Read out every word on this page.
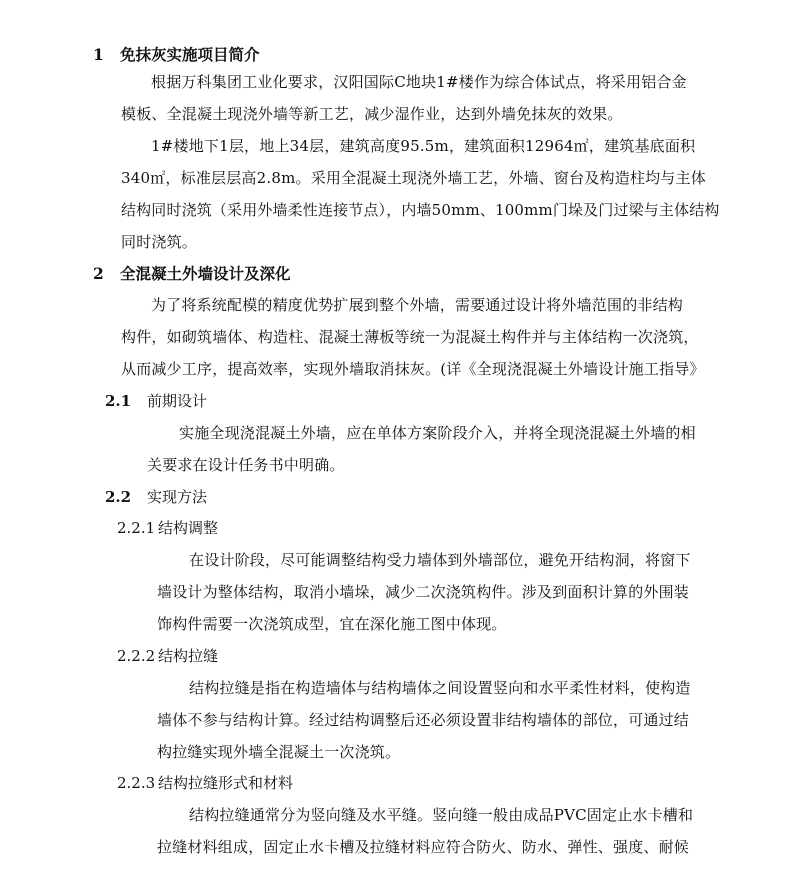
1 免抹灰实施项目简介
根据万科集团工业化要求，汉阳国际C地块1#楼作为综合体试点，将采用铝合金
模板、全混凝土现浇外墙等新工艺，减少湿作业，达到外墙免抹灰的效果。
1#楼地下1层，地上34层，建筑高度95.5m，建筑面积12964㎡，建筑基底面积
340㎡，标准层层高2.8m。采用全混凝土现浇外墙工艺，外墙、窗台及构造柱均与主体
结构同时浇筑（采用外墙柔性连接节点），内墙50mm、100mm门垛及门过梁与主体结构
同时浇筑。
2 全混凝土外墙设计及深化
为了将系统配模的精度优势扩展到整个外墙，需要通过设计将外墙范围的非结构
构件，如砌筑墙体、构造柱、混凝土薄板等统一为混凝土构件并与主体结构一次浇筑，
从而减少工序，提高效率，实现外墙取消抹灰。(详《全现浇混凝土外墙设计施工指导》
2.1 前期设计
实施全现浇混凝土外墙，应在单体方案阶段介入，并将全现浇混凝土外墙的相
关要求在设计任务书中明确。
2.2 实现方法
2.2.1 结构调整
在设计阶段，尽可能调整结构受力墙体到外墙部位，避免开结构洞，将窗下
墙设计为整体结构，取消小墙垛，减少二次浇筑构件。涉及到面积计算的外围装
饰构件需要一次浇筑成型，宜在深化施工图中体现。
2.2.2 结构拉缝
结构拉缝是指在构造墙体与结构墙体之间设置竖向和水平柔性材料，使构造
墙体不参与结构计算。经过结构调整后还必须设置非结构墙体的部位，可通过结
构拉缝实现外墙全混凝土一次浇筑。
2.2.3 结构拉缝形式和材料
结构拉缝通常分为竖向缝及水平缝。竖向缝一般由成品PVC固定止水卡槽和
拉缝材料组成，固定止水卡槽及拉缝材料应符合防火、防水、弹性、强度、耐候
